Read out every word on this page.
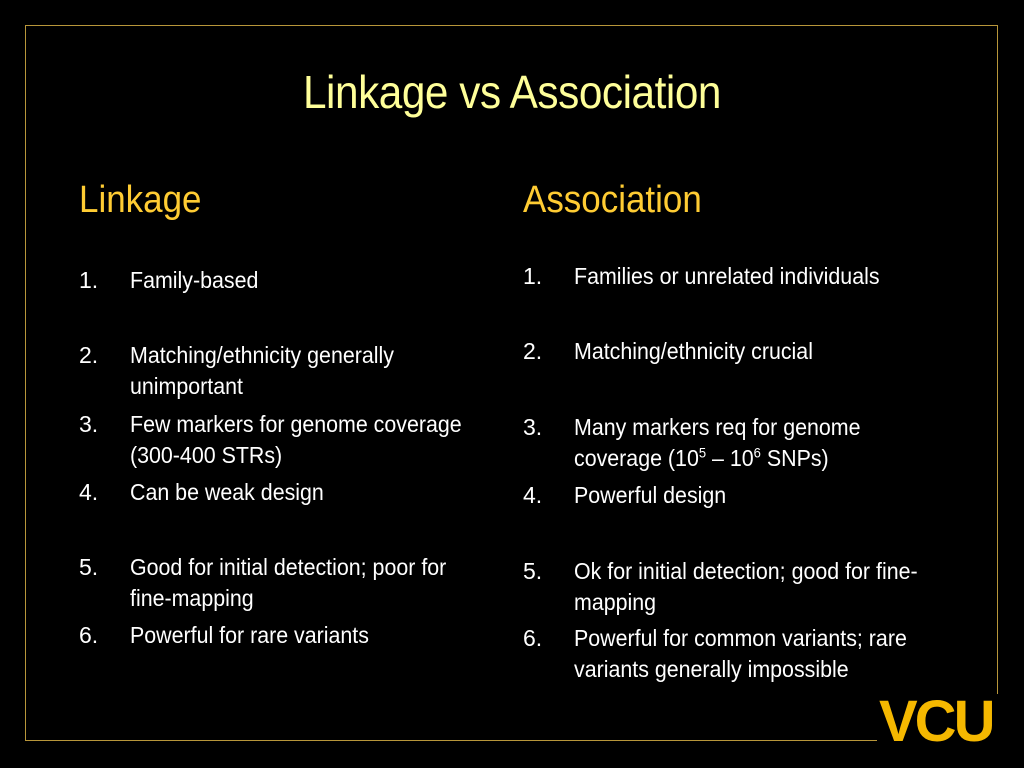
Linkage vs Association
Linkage	Association
1. Family-based
2. Matching/ethnicity generally unimportant
3. Few markers for genome coverage (300-400 STRs)
4. Can be weak design
5. Good for initial detection; poor for fine-mapping
6. Powerful for rare variants
1. Families or unrelated individuals
2. Matching/ethnicity crucial
3. Many markers req for genome coverage ($10^5 - 10^6$ SNPs)
4. Powerful design
5. Ok for initial detection; good for fine-mapping
6. Powerful for common variants; rare variants generally impossible
VCU
